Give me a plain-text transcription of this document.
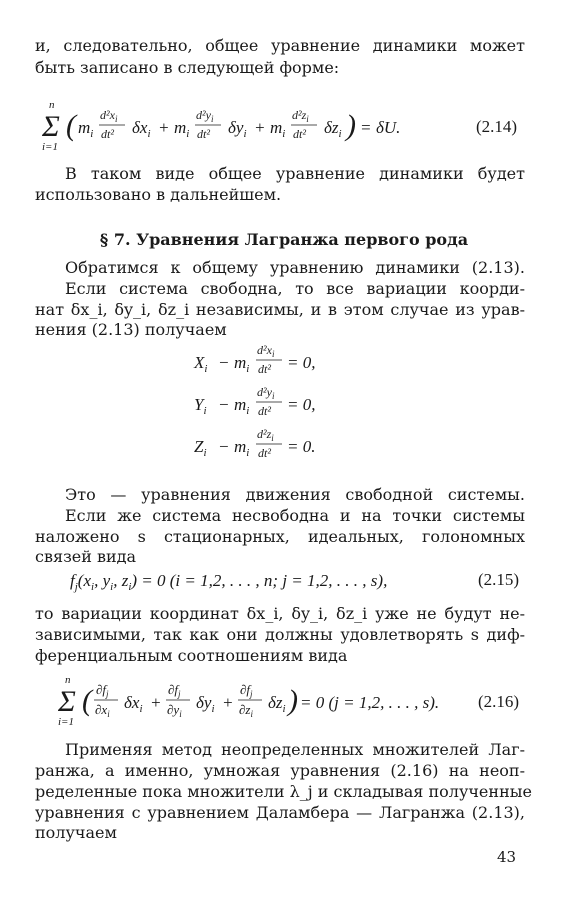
и, следовательно, общее уравнение динамики может
быть записано в следующей форме:
n
Σ
i=1
( $m_i$
$d^2x_i$
dt² $\delta x_i + m_i$
$d^2y_i$
dt² $\delta y_i + m_i$
$d^2z_i$
dt² $\delta z_i$ ) = δU.	(2.14)
В таком виде общее уравнение динамики будет
использовано в дальнейшем.
§ 7. Уравнения Лагранжа первого рода
Обратимся к общему уравнению динамики (2.13).
Если система свободна, то все вариации коорди-
нат δx_i, δy_i, δz_i независимы, и в этом случае из урав-
нения (2.13) получаем
$X_i - m_i$
$d^2x_i$
dt² = 0,
$Y_i - m_i$
$d^2y_i$
dt² = 0,
$Z_i - m_i$
$d^2z_i$
dt² = 0.
Это — уравнения движения свободной системы.
Если же система несвободна и на точки системы
наложено s стационарных, идеальных, голономных
связей вида
$f_j(x_i$, $y_i$, $z_i) = 0$ (i = 1,2, . . . , n; j = 1,2, . . . , s),	(2.15)
то вариации координат δx_i, δy_i, δz_i уже не будут не-
зависимыми, так как они должны удовлетворять s диф-
ференциальным соотношениям вида
n
Σ
i=1
( $\partial f_j$
$\partial x_i$
$\delta x_i$ +
$\partial f_j$
$\partial y_i$
$\delta y_i$ +
$\partial f_j$
$\partial z_i$
$\delta z_i$ ) = 0 (j = 1,2, . . . , s). (2.16)
Применяя метод неопределенных множителей Лаг-
ранжа, а именно, умножая уравнения (2.16) на неоп-
ределенные пока множители λ_j и складывая полученные
уравнения с уравнением Даламбера — Лагранжа (2.13),
получаем
43
